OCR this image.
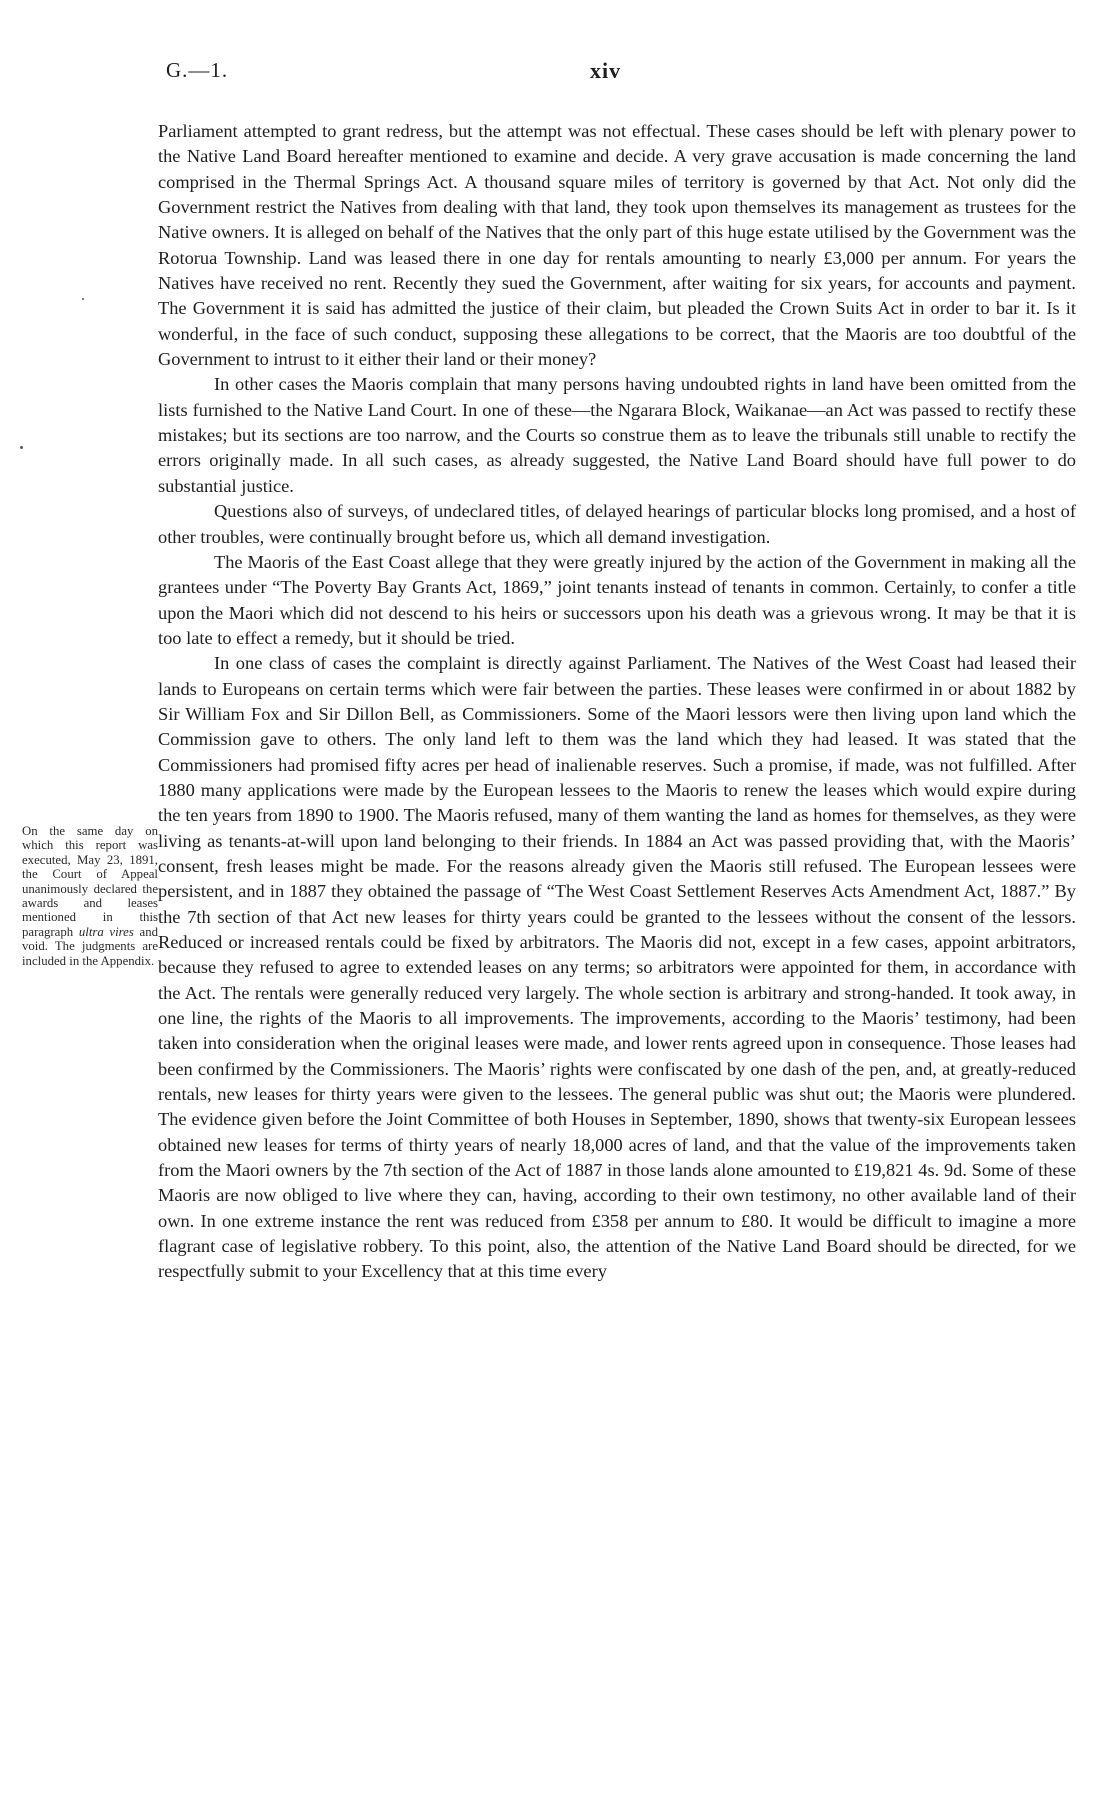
G.—1.	xiv
On the same day on which this report was executed, May 23, 1891, the Court of Appeal unanimously declared the awards and leases mentioned in this paragraph ultra vires and void. The judgments are included in the Appendix.

Parliament attempted to grant redress, but the attempt was not effectual. These cases should be left with plenary power to the Native Land Board hereafter mentioned to examine and decide. A very grave accusation is made concerning the land comprised in the Thermal Springs Act. A thousand square miles of territory is governed by that Act. Not only did the Government restrict the Natives from dealing with that land, they took upon themselves its management as trustees for the Native owners. It is alleged on behalf of the Natives that the only part of this huge estate utilised by the Government was the Rotorua Township. Land was leased there in one day for rentals amounting to nearly £3,000 per annum. For years the Natives have received no rent. Recently they sued the Government, after waiting for six years, for accounts and payment. The Government it is said has admitted the justice of their claim, but pleaded the Crown Suits Act in order to bar it. Is it wonderful, in the face of such conduct, supposing these allegations to be correct, that the Maoris are too doubtful of the Government to intrust to it either their land or their money?

In other cases the Maoris complain that many persons having undoubted rights in land have been omitted from the lists furnished to the Native Land Court. In one of these—the Ngarara Block, Waikanae—an Act was passed to rectify these mistakes; but its sections are too narrow, and the Courts so construe them as to leave the tribunals still unable to rectify the errors originally made. In all such cases, as already suggested, the Native Land Board should have full power to do substantial justice.

Questions also of surveys, of undeclared titles, of delayed hearings of particular blocks long promised, and a host of other troubles, were continually brought before us, which all demand investigation.

The Maoris of the East Coast allege that they were greatly injured by the action of the Government in making all the grantees under “The Poverty Bay Grants Act, 1869,” joint tenants instead of tenants in common. Certainly, to confer a title upon the Maori which did not descend to his heirs or successors upon his death was a grievous wrong. It may be that it is too late to effect a remedy, but it should be tried.

In one class of cases the complaint is directly against Parliament. The Natives of the West Coast had leased their lands to Europeans on certain terms which were fair between the parties. These leases were confirmed in or about 1882 by Sir William Fox and Sir Dillon Bell, as Commissioners. Some of the Maori lessors were then living upon land which the Commission gave to others. The only land left to them was the land which they had leased. It was stated that the Commissioners had promised fifty acres per head of inalienable reserves. Such a promise, if made, was not fulfilled. After 1880 many applications were made by the European lessees to the Maoris to renew the leases which would expire during the ten years from 1890 to 1900. The Maoris refused, many of them wanting the land as homes for themselves, as they were living as tenants-at-will upon land belonging to their friends. In 1884 an Act was passed providing that, with the Maoris’ consent, fresh leases might be made. For the reasons already given the Maoris still refused. The European lessees were persistent, and in 1887 they obtained the passage of “The West Coast Settlement Reserves Acts Amendment Act, 1887.” By the 7th section of that Act new leases for thirty years could be granted to the lessees without the consent of the lessors. Reduced or increased rentals could be fixed by arbitrators. The Maoris did not, except in a few cases, appoint arbitrators, because they refused to agree to extended leases on any terms; so arbitrators were appointed for them, in accordance with the Act. The rentals were generally reduced very largely. The whole section is arbitrary and strong-handed. It took away, in one line, the rights of the Maoris to all improvements. The improvements, according to the Maoris’ testimony, had been taken into consideration when the original leases were made, and lower rents agreed upon in consequence. Those leases had been confirmed by the Commissioners. The Maoris’ rights were confiscated by one dash of the pen, and, at greatly-reduced rentals, new leases for thirty years were given to the lessees. The general public was shut out; the Maoris were plundered. The evidence given before the Joint Committee of both Houses in September, 1890, shows that twenty-six European lessees obtained new leases for terms of thirty years of nearly 18,000 acres of land, and that the value of the improvements taken from the Maori owners by the 7th section of the Act of 1887 in those lands alone amounted to £19,821 4s. 9d. Some of these Maoris are now obliged to live where they can, having, according to their own testimony, no other available land of their own. In one extreme instance the rent was reduced from £358 per annum to £80. It would be difficult to imagine a more flagrant case of legislative robbery. To this point, also, the attention of the Native Land Board should be directed, for we respectfully submit to your Excellency that at this time every
